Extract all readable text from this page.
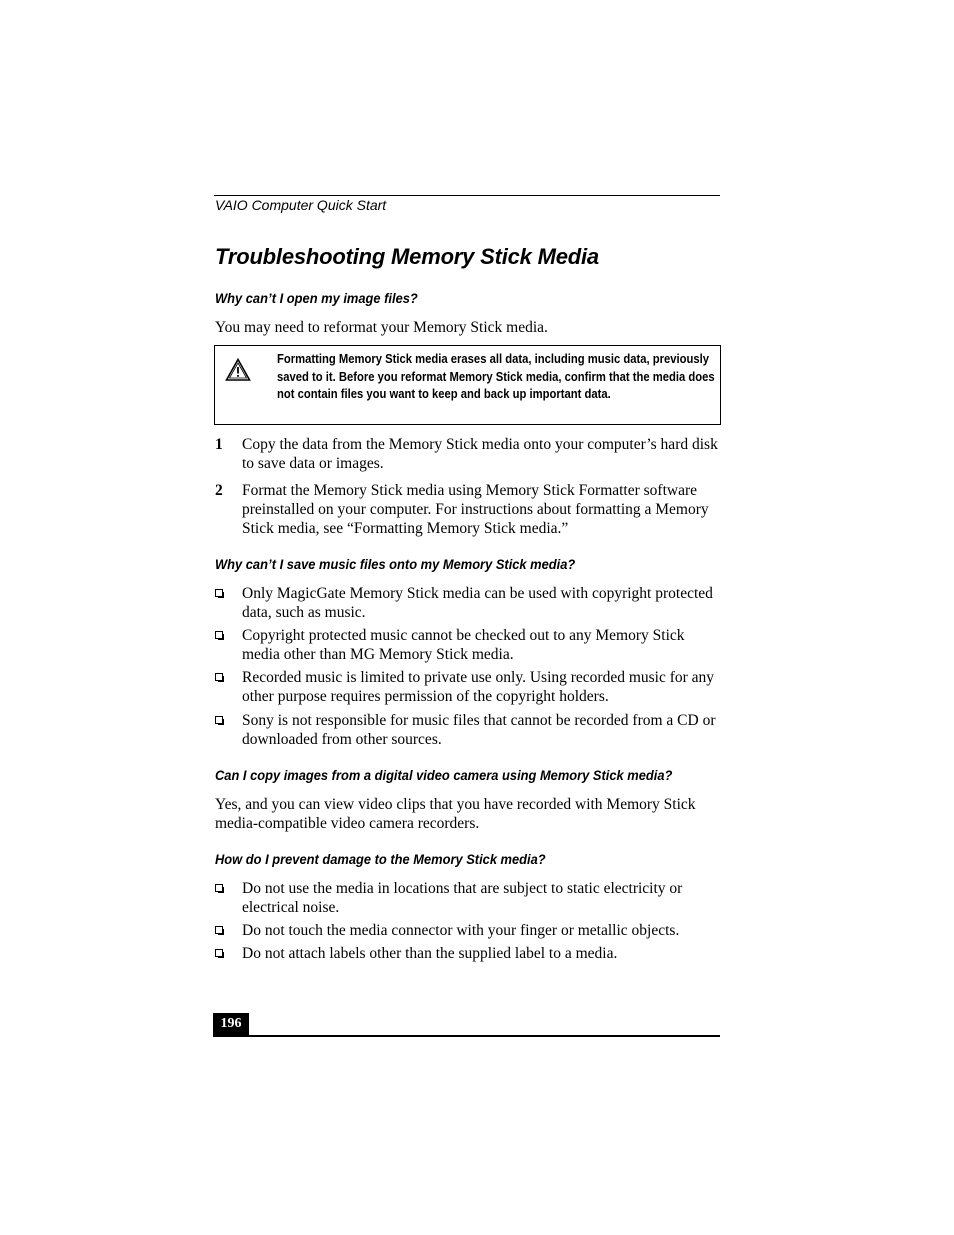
VAIO Computer Quick Start
Troubleshooting Memory Stick Media
Why can’t I open my image files?
You may need to reformat your Memory Stick media.
Formatting Memory Stick media erases all data, including music data, previously saved to it. Before you reformat Memory Stick media, confirm that the media does not contain files you want to keep and back up important data.
1 Copy the data from the Memory Stick media onto your computer’s hard disk to save data or images.
2 Format the Memory Stick media using Memory Stick Formatter software preinstalled on your computer. For instructions about formatting a Memory Stick media, see “Formatting Memory Stick media.”
Why can’t I save music files onto my Memory Stick media?
Only MagicGate Memory Stick media can be used with copyright protected data, such as music.
Copyright protected music cannot be checked out to any Memory Stick media other than MG Memory Stick media.
Recorded music is limited to private use only. Using recorded music for any other purpose requires permission of the copyright holders.
Sony is not responsible for music files that cannot be recorded from a CD or downloaded from other sources.
Can I copy images from a digital video camera using Memory Stick media?
Yes, and you can view video clips that you have recorded with Memory Stick media-compatible video camera recorders.
How do I prevent damage to the Memory Stick media?
Do not use the media in locations that are subject to static electricity or electrical noise.
Do not touch the media connector with your finger or metallic objects.
Do not attach labels other than the supplied label to a media.
196
